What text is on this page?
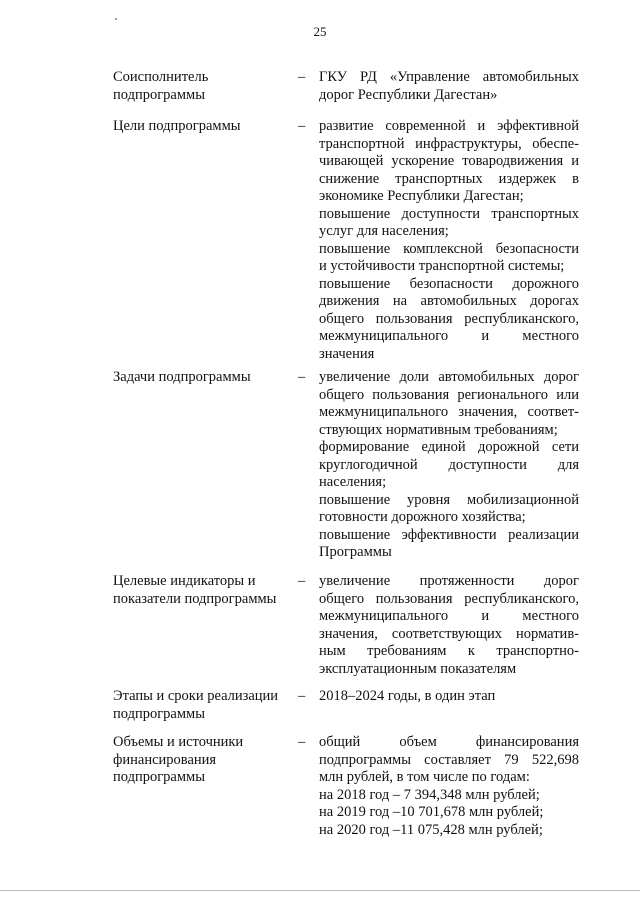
25
Соисполнитель
подпрограммы
– ГКУ РД «Управление автомобильных
дорог Республики Дагестан»
Цели подпрограммы	– развитие современной и эффективной
транспортной инфраструктуры, обеспе-
чивающей ускорение товародвижения и
снижение транспортных издержек в
экономике Республики Дагестан;
повышение доступности транспортных
услуг для населения;
повышение комплексной безопасности
и устойчивости транспортной системы;
повышение безопасности дорожного
движения на автомобильных дорогах
общего пользования республиканского,
межмуниципального и местного
значения
Задачи подпрограммы	– увеличение доли автомобильных дорог
общего пользования регионального или
межмуниципального значения, соответ-
ствующих нормативным требованиям;
формирование единой дорожной сети
круглогодичной доступности для
населения;
повышение уровня мобилизационной
готовности дорожного хозяйства;
повышение эффективности реализации
Программы
Целевые индикаторы и
показатели подпрограммы
– увеличение протяженности дорог
общего пользования республиканского,
межмуниципального и местного
значения, соответствующих норматив-
ным требованиям к транспортно-
эксплуатационным показателям
Этапы и сроки реализации
подпрограммы
– 2018–2024 годы, в один этап
Объемы и источники
финансирования
подпрограммы
– общий объем финансирования
подпрограммы составляет 79 522,698
млн рублей, в том числе по годам:
на 2018 год – 7 394,348 млн рублей;
на 2019 год –10 701,678 млн рублей;
на 2020 год –11 075,428 млн рублей;
